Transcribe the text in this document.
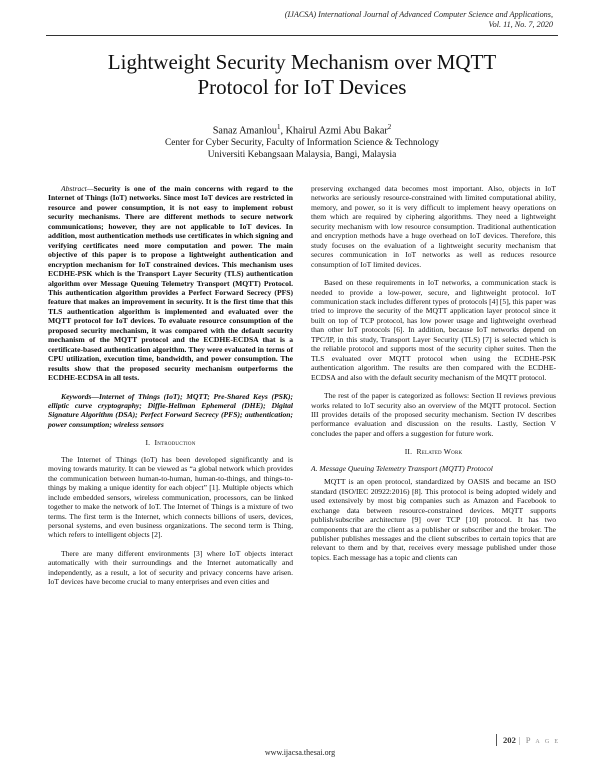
(IJACSA) International Journal of Advanced Computer Science and Applications,
Vol. 11, No. 7, 2020
Lightweight Security Mechanism over MQTT
Protocol for IoT Devices
Sanaz Amanlou$^1$, Khairul Azmi Abu Bakar$^2$
Center for Cyber Security, Faculty of Information Science & Technology
Universiti Kebangsaan Malaysia, Bangi, Malaysia

Abstract—Security is one of the main concerns with regard to the Internet of Things (IoT) networks. Since most IoT devices are restricted in resource and power consumption, it is not easy to implement robust security mechanisms. There are different methods to secure network communications; however, they are not applicable to IoT devices. In addition, most authentication methods use certificates in which signing and verifying certificates need more computation and power. The main objective of this paper is to propose a lightweight authentication and encryption mechanism for IoT constrained devices. This mechanism uses ECDHE-PSK which is the Transport Layer Security (TLS) authentication algorithm over Message Queuing Telemetry Transport (MQTT) Protocol. This authentication algorithm provides a Perfect Forward Secrecy (PFS) feature that makes an improvement in security. It is the first time that this TLS authentication algorithm is implemented and evaluated over the MQTT protocol for IoT devices. To evaluate resource consumption of the proposed security mechanism, it was compared with the default security mechanism of the MQTT protocol and the ECDHE-ECDSA that is a certificate-based authentication algorithm. They were evaluated in terms of CPU utilization, execution time, bandwidth, and power consumption. The results show that the proposed security mechanism outperforms the ECDHE-ECDSA in all tests.

Keywords—Internet of Things (IoT); MQTT; Pre-Shared Keys (PSK); elliptic curve cryptography; Diffie-Hellman Ephemeral (DHE); Digital Signature Algorithm (DSA); Perfect Forward Secrecy (PFS); authentication; power consumption; wireless sensors

I. Introduction

The Internet of Things (IoT) has been developed significantly and is moving towards maturity. It can be viewed as “a global network which provides the communication between human-to-human, human-to-things, and things-to-things by making a unique identity for each object” [1]. Multiple objects which include embedded sensors, wireless communication, processors, can be linked together to make the network of IoT. The Internet of Things is a mixture of two terms. The first term is the Internet, which connects billions of users, devices, personal systems, and even business organizations. The second term is Thing, which refers to intelligent objects [2].

There are many different environments [3] where IoT objects interact automatically with their surroundings and the Internet automatically and independently, as a result, a lot of security and privacy concerns have arisen. IoT devices have become crucial to many enterprises and even cities and

preserving exchanged data becomes most important. Also, objects in IoT networks are seriously resource-constrained with limited computational ability, memory, and power, so it is very difficult to implement heavy operations on them which are required by ciphering algorithms. They need a lightweight security mechanism with low resource consumption. Traditional authentication and encryption methods have a huge overhead on IoT devices. Therefore, this study focuses on the evaluation of a lightweight security mechanism that secures communication in IoT networks as well as reduces resource consumption of IoT limited devices.

Based on these requirements in IoT networks, a communication stack is needed to provide a low-power, secure, and lightweight protocol. IoT communication stack includes different types of protocols [4] [5], this paper was tried to improve the security of the MQTT application layer protocol since it built on top of TCP protocol, has low power usage and lightweight overhead than other IoT protocols [6]. In addition, because IoT networks depend on TPC/IP, in this study, Transport Layer Security (TLS) [7] is selected which is the reliable protocol and supports most of the security cipher suites. Then the TLS evaluated over MQTT protocol when using the ECDHE-PSK authentication algorithm. The results are then compared with the ECDHE- ECDSA and also with the default security mechanism of the MQTT protocol.

The rest of the paper is categorized as follows: Section II reviews previous works related to IoT security also an overview of the MQTT protocol. Section III provides details of the proposed security mechanism. Section IV describes performance evaluation and discussion on the results. Lastly, Section V concludes the paper and offers a suggestion for future work.

II. Related Work

A. Message Queuing Telemetry Transport (MQTT) Protocol

MQTT is an open protocol, standardized by OASIS and became an ISO standard (ISO/IEC 20922:2016) [8]. This protocol is being adopted widely and used extensively by most big companies such as Amazon and Facebook to exchange data between resource-constrained devices. MQTT supports publish/subscribe architecture [9] over TCP [10] protocol. It has two components that are the client as a publisher or subscriber and the broker. The publisher publishes messages and the client subscribes to certain topics that are relevant to them and by that, receives every message published under those topics. Each message has a topic and clients can

202 | P a g e
www.ijacsa.thesai.org
